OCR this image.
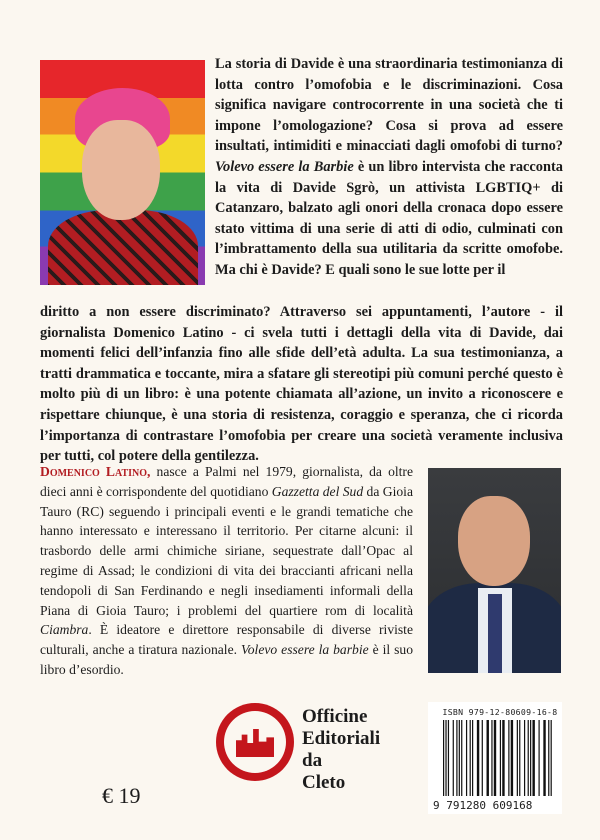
La storia di Davide è una straordinaria testimonianza di lotta contro l’omofobia e le discriminazioni. Cosa significa navigare controcorrente in una società che ti impone l’omologazione? Cosa si prova ad essere insultati, intimiditi e minacciati dagli omofobi di turno? Volevo essere la Barbie è un libro intervista che racconta la vita di Davide Sgrò, un attivista LGBTIQ+ di Catanzaro, balzato agli onori della cronaca dopo essere stato vittima di una serie di atti di odio, culminati con l’imbrattamento della sua utilitaria da scritte omofobe. Ma chi è Davide? E quali sono le sue lotte per il

diritto a non essere discriminato? Attraverso sei appuntamenti, l’autore - il giornalista Domenico Latino - ci svela tutti i dettagli della vita di Davide, dai momenti felici dell’infanzia fino alle sfide dell’età adulta. La sua testimonianza, a tratti drammatica e toccante, mira a sfatare gli stereotipi più comuni perché questo è molto più di un libro: è una potente chiamata all’azione, un invito a riconoscere e rispettare chiunque, è una storia di resistenza, coraggio e speranza, che ci ricorda l’importanza di contrastare l’omofobia per creare una società veramente inclusiva per tutti, col potere della gentilezza.

Domenico Latino, nasce a Palmi nel 1979, giornalista, da oltre dieci anni è corrispondente del quotidiano Gazzetta del Sud da Gioia Tauro (RC) seguendo i principali eventi e le grandi tematiche che hanno interessato e interessano il territorio. Per citarne alcuni: il trasbordo delle armi chimiche siriane, sequestrate dall’Opac al regime di Assad; le condizioni di vita dei braccianti africani nella tendopoli di San Ferdinando e negli insediamenti informali della Piana di Gioia Tauro; i problemi del quartiere rom di località Ciambra. È ideatore e direttore responsabile di diverse riviste culturali, anche a tiratura nazionale. Volevo essere la barbie è il suo libro d’esordio.

Officine
Editoriali
da
Cleto

€ 19	9 791280 609168

ISBN 979-12-80609-16-8
